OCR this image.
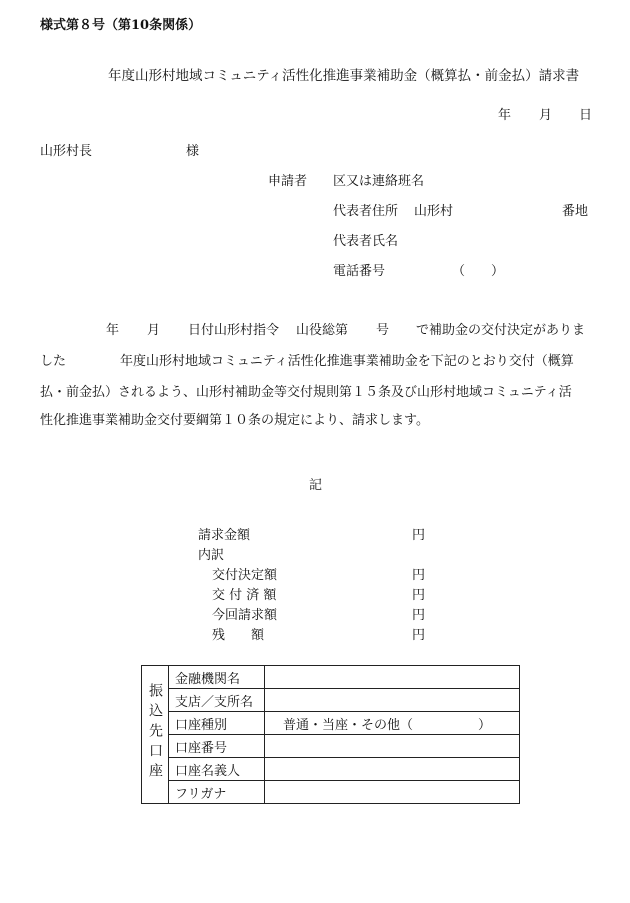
様式第８号（第10条関係）
年度山形村地域コミュニティ活性化推進事業補助金（概算払・前金払）請求書
年 月 日
山形村長	様
申請者 区又は連絡班名
代表者住所 山形村	番地
代表者氏名
電話番号	（　　）
年 月 日付山形村指令 山役総第 号 で補助金の交付決定がありま
した	年度山形村地域コミュニティ活性化推進事業補助金を下記のとおり交付（概算
払・前金払）されるよう、山形村補助金等交付規則第１５条及び山形村地域コミュニティ活
性化推進事業補助金交付要綱第１０条の規定により、請求します。
記
請求金額	円
内訳
交付決定額	円
交 付 済 額	円
今回請求額	円
残　　額	円
振込先口座	金融機関名	
	支店／支所名	
	口座種別	普通・当座・その他（　　　　　）
	口座番号	
	口座名義人	
	フリガナ	
